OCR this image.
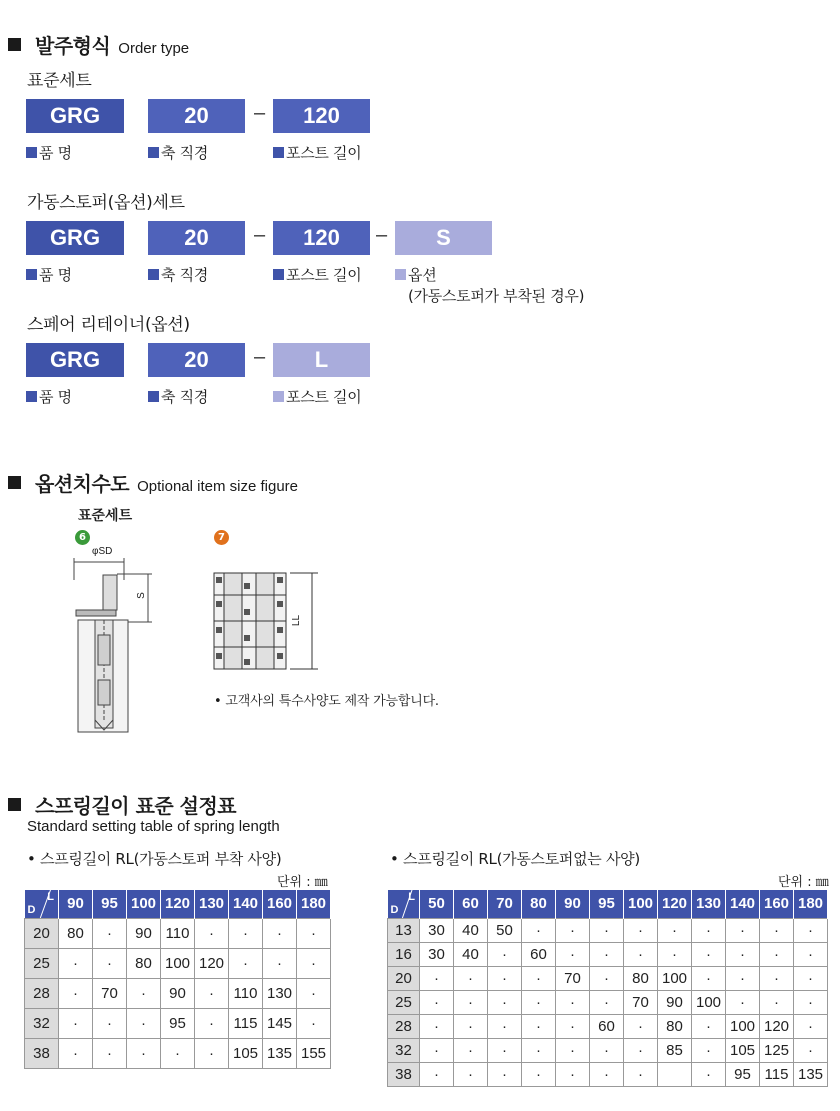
발주형식 Order type
표준세트
GRG	20	–	120
품 명	축 직경	포스트 길이
가동스토퍼(옵션)세트
GRG	20	–	120	–	S
품 명	축 직경	포스트 길이	옵션
(가동스토퍼가 부착된 경우)
스페어 리테이너(옵션)
GRG	20	–	L
품 명	축 직경	포스트 길이
옵션치수도 Optional item size figure
표준세트
6	7
φSD
S
LL
• 고객사의 특수사양도 제작 가능합니다.
스프링길이 표준 설정표
Standard setting table of spring length
• 스프링길이 RL(가동스토퍼 부착 사양)
단위 : ㎜
D
L	90	95	100	120	130	140	160	180
20	80	·	90	110	·	·	·	·
25	·	·	80	100	120	·	·	·
28	·	70	·	90	·	110	130	·
32	·	·	·	95	·	115	145	·
38	·	·	·	·	·	105	135	155
• 스프링길이 RL(가동스토퍼없는 사양)
단위 : ㎜
D
L	50	60	70	80	90	95	100	120	130	140	160	180
13	30	40	50	·	·	·	·	·	·	·	·	·
16	30	40	·	60	·	·	·	·	·	·	·	·
20	·	·	·	·	70	·	80	100	·	·	·	·
25	·	·	·	·	·	·	70	90	100	·	·	·
28	·	·	·	·	·	60	·	80	·	100	120	·
32	·	·	·	·	·	·	·	85	·	105	125	·
38	·	·	·	·	·	·	·		·	95	115	135
